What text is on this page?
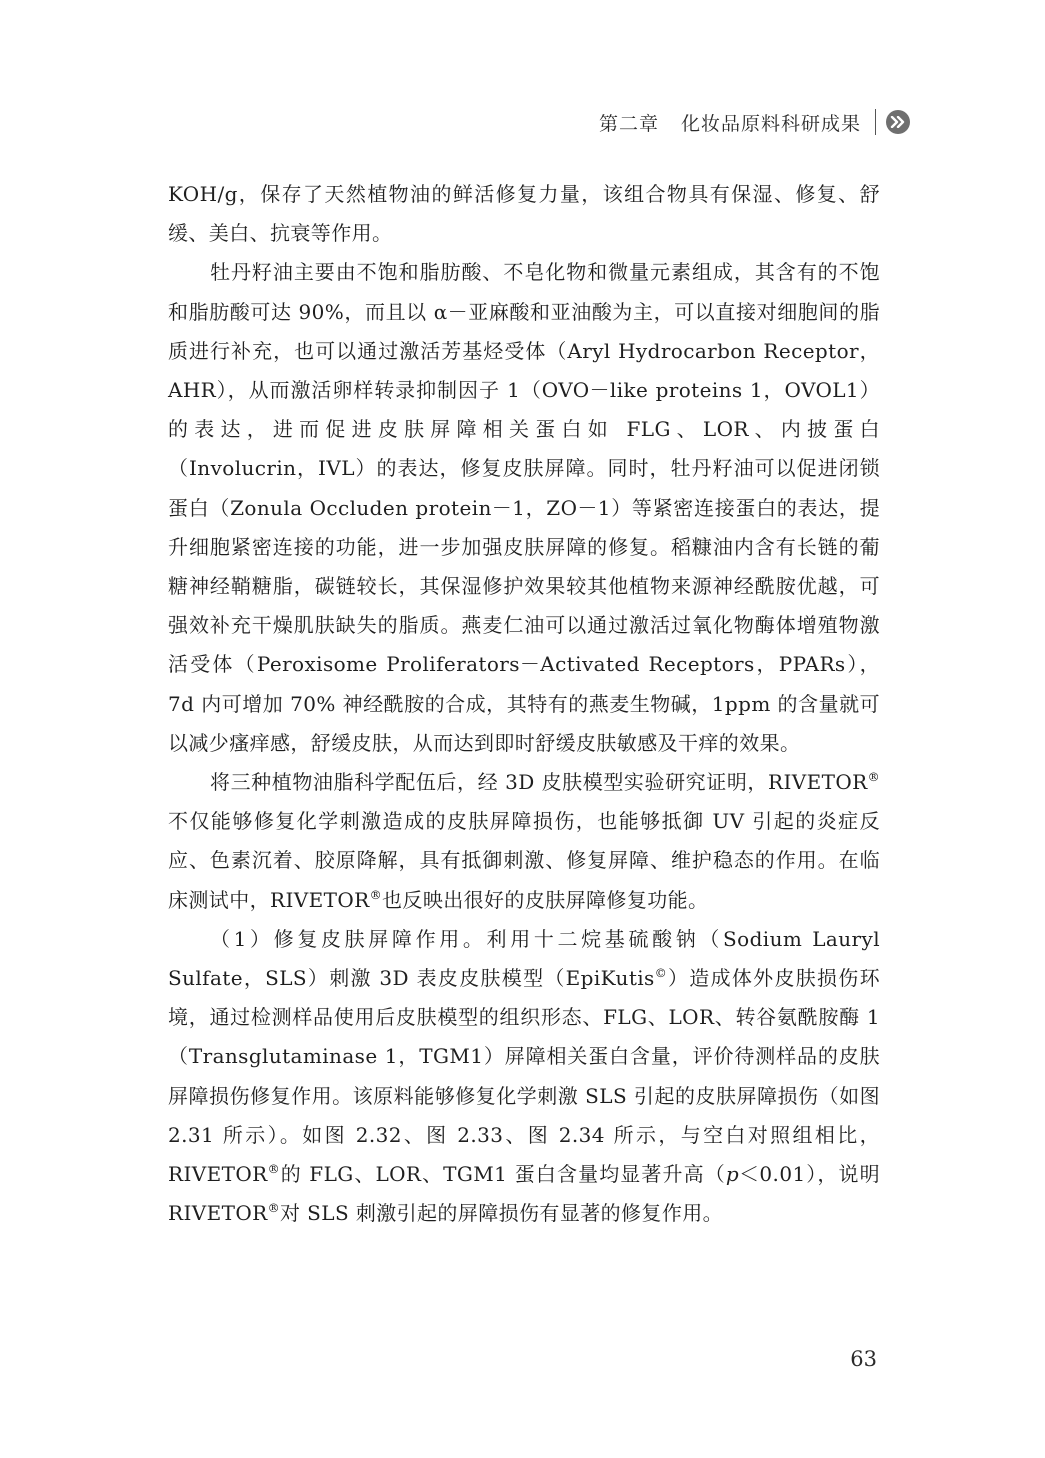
第二章 化妆品原料科研成果

KOH/g，保存了天然植物油的鲜活修复力量，该组合物具有保湿、修复、舒缓、美白、抗衰等作用。

牡丹籽油主要由不饱和脂肪酸、不皂化物和微量元素组成，其含有的不饱和脂肪酸可达 90%，而且以 α－亚麻酸和亚油酸为主，可以直接对细胞间的脂质进行补充，也可以通过激活芳基烃受体（Aryl Hydrocarbon Receptor，AHR），从而激活卵样转录抑制因子 1（OVO－like proteins 1，OVOL1）的表达，进而促进皮肤屏障相关蛋白如 FLG、LOR、内披蛋白（Involucrin，IVL）的表达，修复皮肤屏障。同时，牡丹籽油可以促进闭锁蛋白（Zonula Occluden protein－1，ZO－1）等紧密连接蛋白的表达，提升细胞紧密连接的功能，进一步加强皮肤屏障的修复。稻糠油内含有长链的葡糖神经鞘糖脂，碳链较长，其保湿修护效果较其他植物来源神经酰胺优越，可强效补充干燥肌肤缺失的脂质。燕麦仁油可以通过激活过氧化物酶体增殖物激活受体（Peroxisome Proliferators－Activated Receptors，PPARs），7d 内可增加 70% 神经酰胺的合成，其特有的燕麦生物碱，1ppm 的含量就可以减少瘙痒感，舒缓皮肤，从而达到即时舒缓皮肤敏感及干痒的效果。

将三种植物油脂科学配伍后，经 3D 皮肤模型实验研究证明，RIVETOR®不仅能够修复化学刺激造成的皮肤屏障损伤，也能够抵御 UV 引起的炎症反应、色素沉着、胶原降解，具有抵御刺激、修复屏障、维护稳态的作用。在临床测试中，RIVETOR®也反映出很好的皮肤屏障修复功能。

（1）修复皮肤屏障作用。利用十二烷基硫酸钠（Sodium Lauryl Sulfate，SLS）刺激 3D 表皮皮肤模型（EpiKutis©）造成体外皮肤损伤环境，通过检测样品使用后皮肤模型的组织形态、FLG、LOR、转谷氨酰胺酶 1（Transglutaminase 1，TGM1）屏障相关蛋白含量，评价待测样品的皮肤屏障损伤修复作用。该原料能够修复化学刺激 SLS 引起的皮肤屏障损伤（如图 2.31 所示）。如图 2.32、图 2.33、图 2.34 所示，与空白对照组相比，RIVETOR®的 FLG、LOR、TGM1 蛋白含量均显著升高（p＜0.01），说明 RIVETOR®对 SLS 刺激引起的屏障损伤有显著的修复作用。

63
